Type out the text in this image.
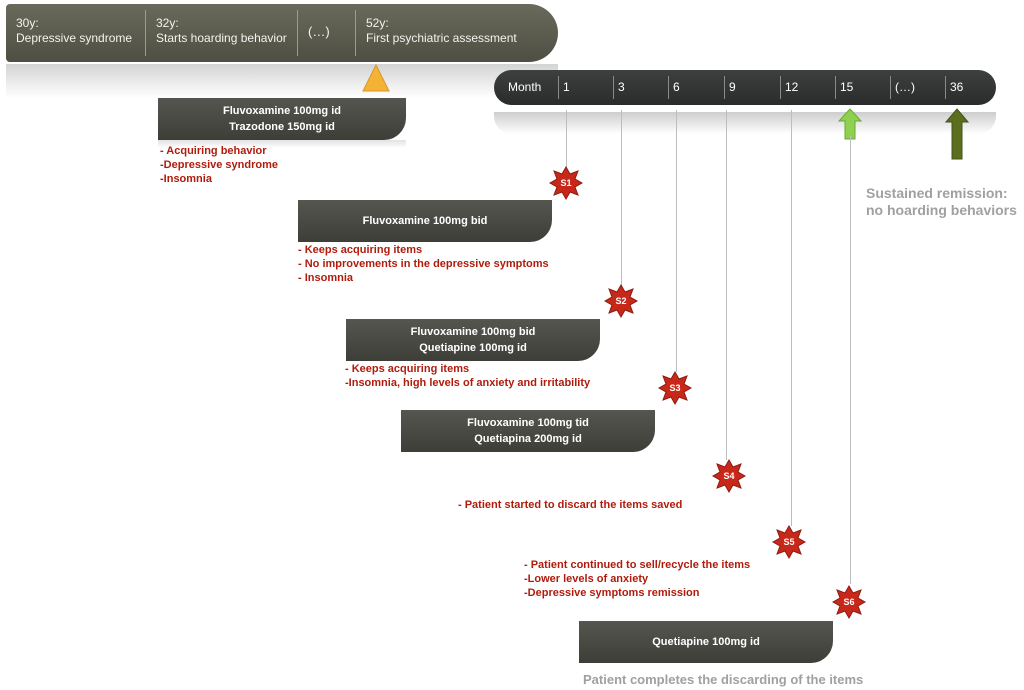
30y:
Depressive syndrome
32y:
Starts hoarding behavior	(…)
52y:
First psychiatric assessment
Month 1	3	6	9	12	15	(…)	36
Sustained remission:
no hoarding behaviors
Fluvoxamine 100mg id
Trazodone 150mg id
Fluvoxamine 100mg bid
Fluvoxamine 100mg bid
Quetiapine 100mg id
Fluvoxamine 100mg tid
Quetiapina 200mg id
Quetiapine 100mg id
- Acquiring behavior
-Depressive syndrome
-Insomnia
- Keeps acquiring items
- No improvements in the depressive symptoms
- Insomnia
- Keeps acquiring items
-Insomnia, high levels of anxiety and irritability
- Patient started to discard the items saved
- Patient continued to sell/recycle the items
-Lower levels of anxiety
-Depressive symptoms remission
S1
S2
S3
S4
S5
S6
Patient completes the discarding of the items
